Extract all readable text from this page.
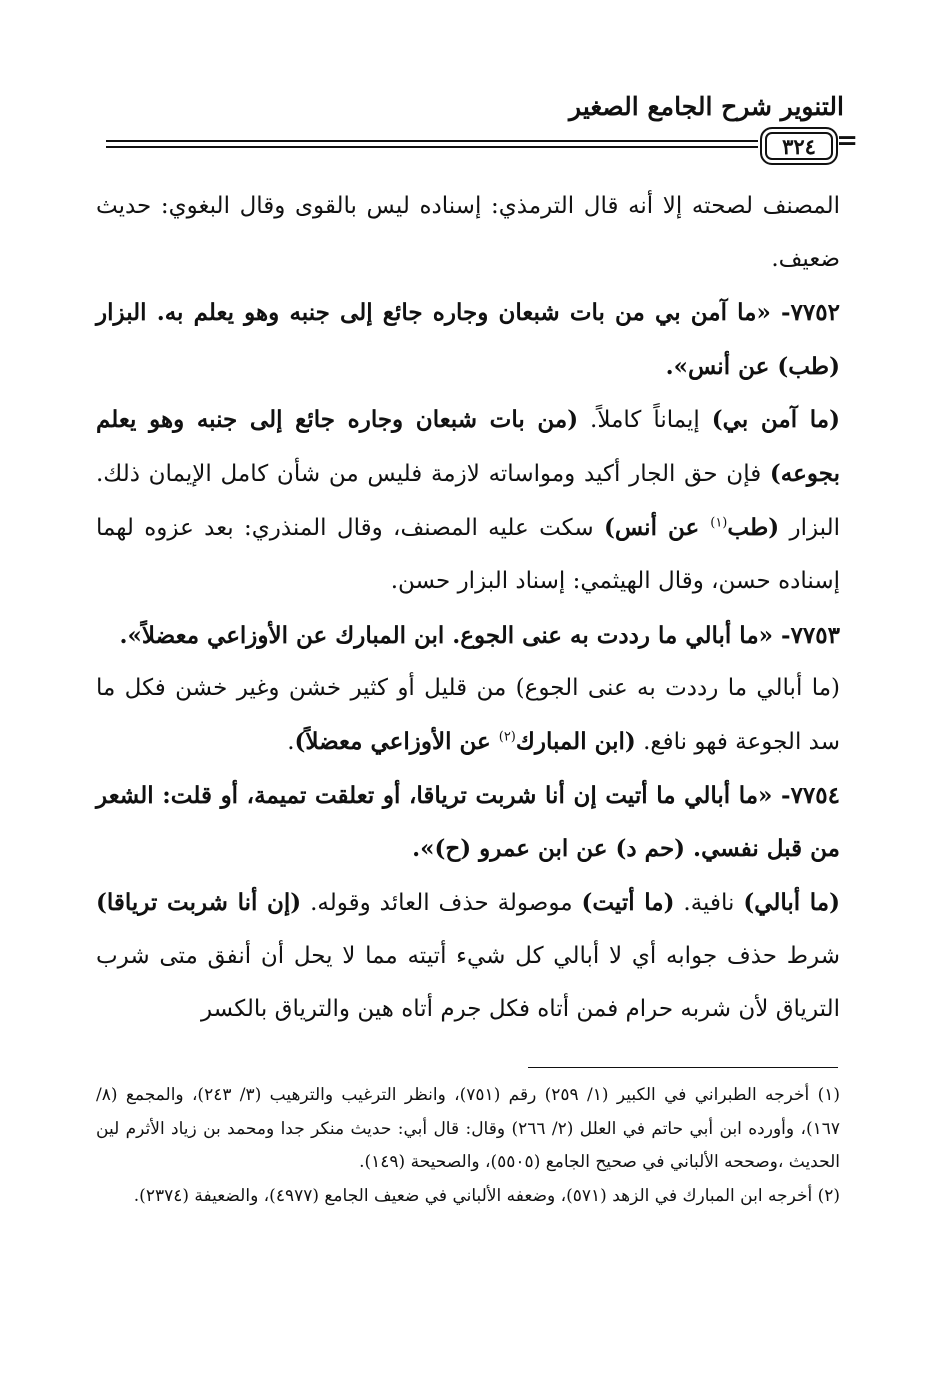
التنوير شرح الجامع الصغير
=
٣٢٤

المصنف لصحته إلا أنه قال الترمذي: إسناده ليس بالقوى وقال البغوي: حديث ضعيف.

٧٧٥٢- «ما آمن بي من بات شبعان وجاره جائع إلى جنبه وهو يعلم به. البزار (طب) عن أنس».

(ما آمن بي) إيماناً كاملاً. (من بات شبعان وجاره جائع إلى جنبه وهو يعلم بجوعه) فإن حق الجار أكيد ومواساته لازمة فليس من شأن كامل الإيمان ذلك. البزار (طب$^{(١)}$ عن أنس) سكت عليه المصنف، وقال المنذري: بعد عزوه لهما إسناده حسن، وقال الهيثمي: إسناد البزار حسن.

٧٧٥٣- «ما أبالي ما رددت به عنى الجوع. ابن المبارك عن الأوزاعي معضلاً».

(ما أبالي ما رددت به عنى الجوع) من قليل أو كثير خشن وغير خشن فكل ما سد الجوعة فهو نافع. (ابن المبارك$^{(٢)}$ عن الأوزاعي معضلاً).

٧٧٥٤- «ما أبالي ما أتيت إن أنا شربت ترياقا، أو تعلقت تميمة، أو قلت: الشعر من قبل نفسي. (حم د) عن ابن عمرو (ح)».

(ما أبالي) نافية. (ما أتيت) موصولة حذف العائد وقوله. (إن أنا شربت ترياقا) شرط حذف جوابه أي لا أبالي كل شيء أتيته مما لا يحل أن أنفق متى شرب الترياق لأن شربه حرام فمن أتاه فكل جرم أتاه هين والترياق بالكسر

(١) أخرجه الطبراني في الكبير (١/ ٢٥٩) رقم (٧٥١)، وانظر الترغيب والترهيب (٣/ ٢٤٣)، والمجمع (٨/ ١٦٧)، وأورده ابن أبي حاتم في العلل (٢/ ٢٦٦) وقال: قال أبي: حديث منكر جدا ومحمد بن زياد الأثرم لين الحديث ،وصححه الألباني في صحيح الجامع (٥٥٠٥)، والصحيحة (١٤٩).

(٢) أخرجه ابن المبارك في الزهد (٥٧١)، وضعفه الألباني في ضعيف الجامع (٤٩٧٧)، والضعيفة (٢٣٧٤).
